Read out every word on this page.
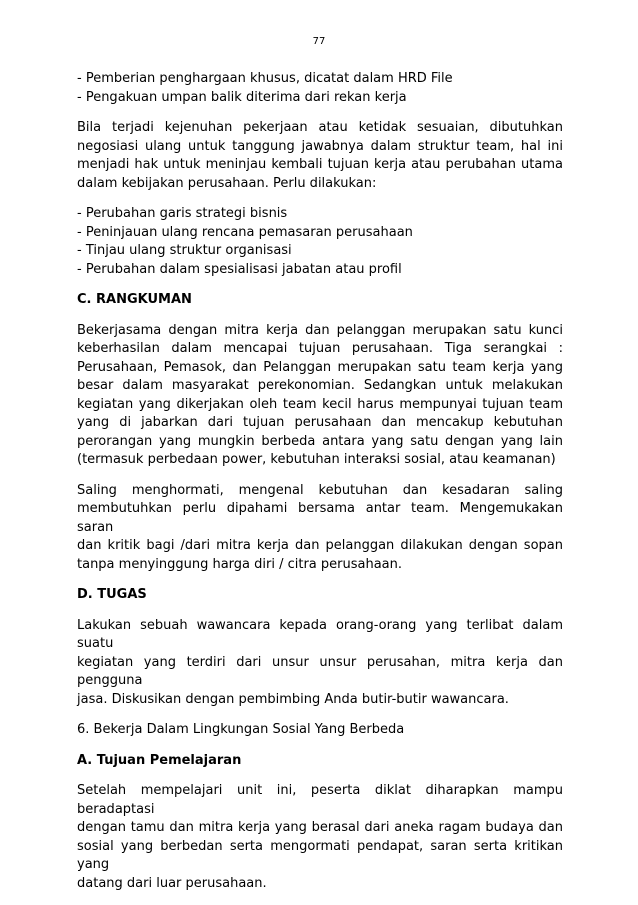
77
- Pemberian penghargaan khusus, dicatat dalam HRD File
- Pengakuan umpan balik diterima dari rekan kerja
Bila terjadi kejenuhan pekerjaan atau ketidak sesuaian, dibutuhkan
negosiasi ulang untuk tanggung jawabnya dalam struktur team, hal ini
menjadi hak untuk meninjau kembali tujuan kerja atau perubahan utama
dalam kebijakan perusahaan. Perlu dilakukan:
- Perubahan garis strategi bisnis
- Peninjauan ulang rencana pemasaran perusahaan
- Tinjau ulang struktur organisasi
- Perubahan dalam spesialisasi jabatan atau profil
C. RANGKUMAN
Bekerjasama dengan mitra kerja dan pelanggan merupakan satu kunci
keberhasilan dalam mencapai tujuan perusahaan. Tiga serangkai :
Perusahaan, Pemasok, dan Pelanggan merupakan satu team kerja yang
besar dalam masyarakat perekonomian. Sedangkan untuk melakukan
kegiatan yang dikerjakan oleh team kecil harus mempunyai tujuan team
yang di jabarkan dari tujuan perusahaan dan mencakup kebutuhan
perorangan yang mungkin berbeda antara yang satu dengan yang lain
(termasuk perbedaan power, kebutuhan interaksi sosial, atau keamanan)
Saling menghormati, mengenal kebutuhan dan kesadaran saling
membutuhkan perlu dipahami bersama antar team. Mengemukakan saran
dan kritik bagi /dari mitra kerja dan pelanggan dilakukan dengan sopan
tanpa menyinggung harga diri / citra perusahaan.
D. TUGAS
Lakukan sebuah wawancara kepada orang-orang yang terlibat dalam suatu
kegiatan yang terdiri dari unsur unsur perusahan, mitra kerja dan pengguna
jasa. Diskusikan dengan pembimbing Anda butir-butir wawancara.
6. Bekerja Dalam Lingkungan Sosial Yang Berbeda
A. Tujuan Pemelajaran
Setelah mempelajari unit ini, peserta diklat diharapkan mampu beradaptasi
dengan tamu dan mitra kerja yang berasal dari aneka ragam budaya dan
sosial yang berbedan serta mengormati pendapat, saran serta kritikan yang
datang dari luar perusahaan.
